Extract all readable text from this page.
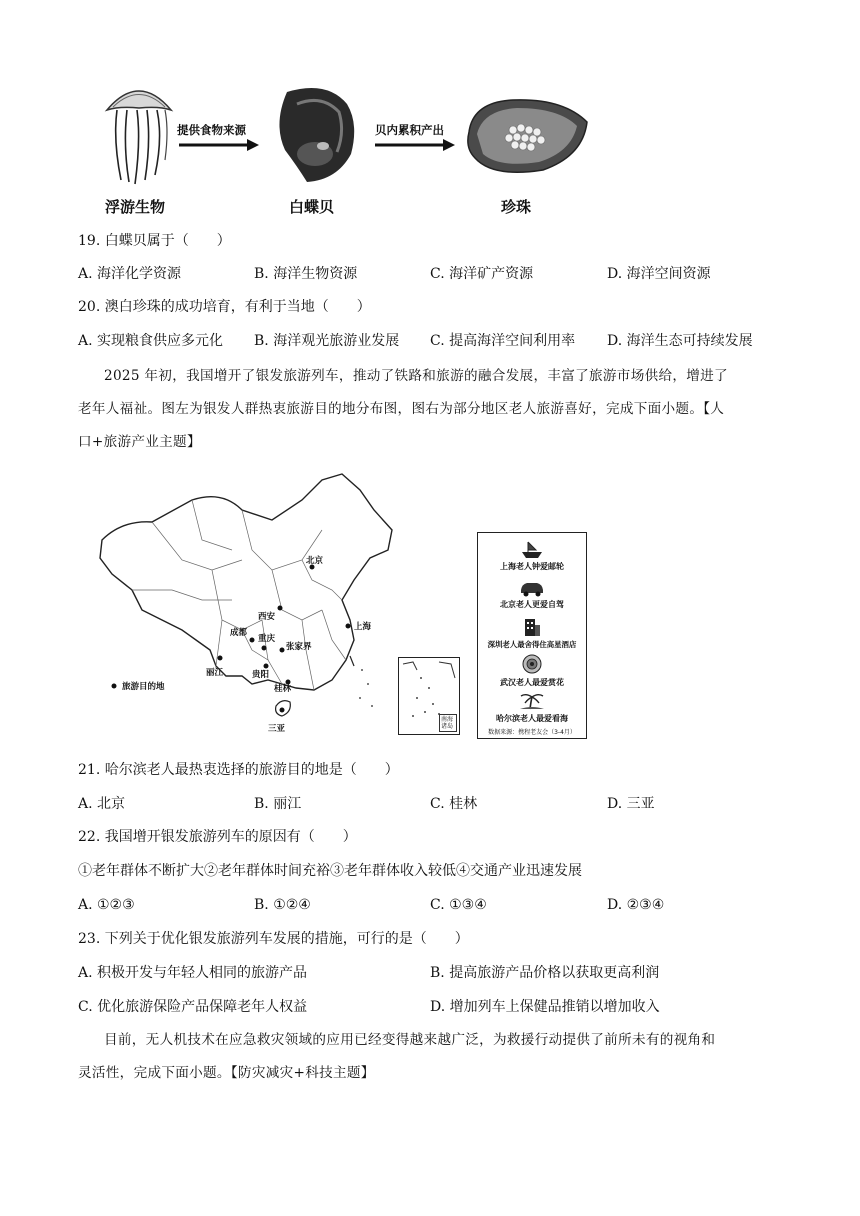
浮游生物
提供食物来源
白蝶贝
贝内累积产出
珍珠
19. 白蝶贝属于（　　）
A. 海洋化学资源	B. 海洋生物资源	C. 海洋矿产资源	D. 海洋空间资源
20. 澳白珍珠的成功培育，有利于当地（　　）
A. 实现粮食供应多元化 B. 海洋观光旅游业发展 C. 提高海洋空间利用率 D. 海洋生态可持续发展
2025 年初，我国增开了银发旅游列车，推动了铁路和旅游的融合发展，丰富了旅游市场供给，增进了
老年人福祉。图左为银发人群热衷旅游目的地分布图，图右为部分地区老人旅游喜好，完成下面小题。【人
口+旅游产业主题】
北京
西安
上海
成都
重庆
张家界
贵阳
丽江
桂林
三亚
旅游目的地
南海诸岛
上海老人钟爱邮轮
北京老人更爱自驾
深圳老人最舍得住高星酒店
武汉老人最爱赏花
哈尔滨老人最爱看海
数据来源：携程老友会（3-4月）
21. 哈尔滨老人最热衷选择的旅游目的地是（　　）
A. 北京	B. 丽江	C. 桂林	D. 三亚
22. 我国增开银发旅游列车的原因有（　　）
①老年群体不断扩大②老年群体时间充裕③老年群体收入较低④交通产业迅速发展
A. ①②③	B. ①②④	C. ①③④	D. ②③④
23. 下列关于优化银发旅游列车发展的措施，可行的是（　　）
A. 积极开发与年轻人相同的旅游产品	B. 提高旅游产品价格以获取更高利润
C. 优化旅游保险产品保障老年人权益	D. 增加列车上保健品推销以增加收入
目前，无人机技术在应急救灾领域的应用已经变得越来越广泛，为救援行动提供了前所未有的视角和
灵活性，完成下面小题。【防灾减灾+科技主题】
